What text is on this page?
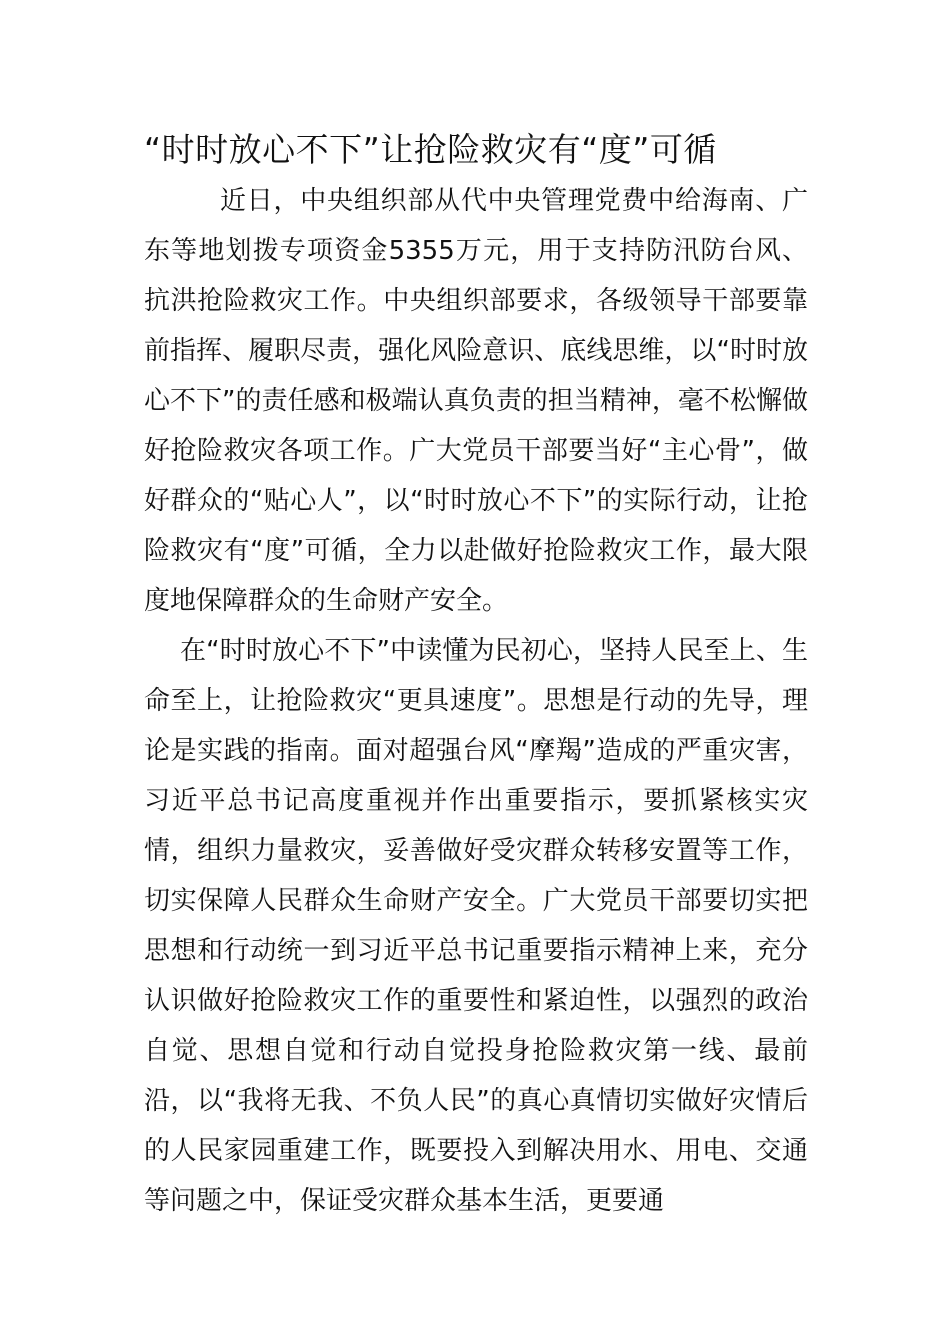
“时时放心不下”让抢险救灾有“度”可循

近日，中央组织部从代中央管理党费中给海南、广东等地划拨专项资金5355万元，用于支持防汛防台风、抗洪抢险救灾工作。中央组织部要求，各级领导干部要靠前指挥、履职尽责，强化风险意识、底线思维，以“时时放心不下”的责任感和极端认真负责的担当精神，毫不松懈做好抢险救灾各项工作。广大党员干部要当好“主心骨”，做好群众的“贴心人”，以“时时放心不下”的实际行动，让抢险救灾有“度”可循，全力以赴做好抢险救灾工作，最大限度地保障群众的生命财产安全。

在“时时放心不下”中读懂为民初心，坚持人民至上、生命至上，让抢险救灾“更具速度”。思想是行动的先导，理论是实践的指南。面对超强台风“摩羯”造成的严重灾害，习近平总书记高度重视并作出重要指示，要抓紧核实灾情，组织力量救灾，妥善做好受灾群众转移安置等工作，切实保障人民群众生命财产安全。广大党员干部要切实把思想和行动统一到习近平总书记重要指示精神上来，充分认识做好抢险救灾工作的重要性和紧迫性，以强烈的政治自觉、思想自觉和行动自觉投身抢险救灾第一线、最前沿，以“我将无我、不负人民”的真心真情切实做好灾情后的人民家园重建工作，既要投入到解决用水、用电、交通等问题之中，保证受灾群众基本生活，更要通
